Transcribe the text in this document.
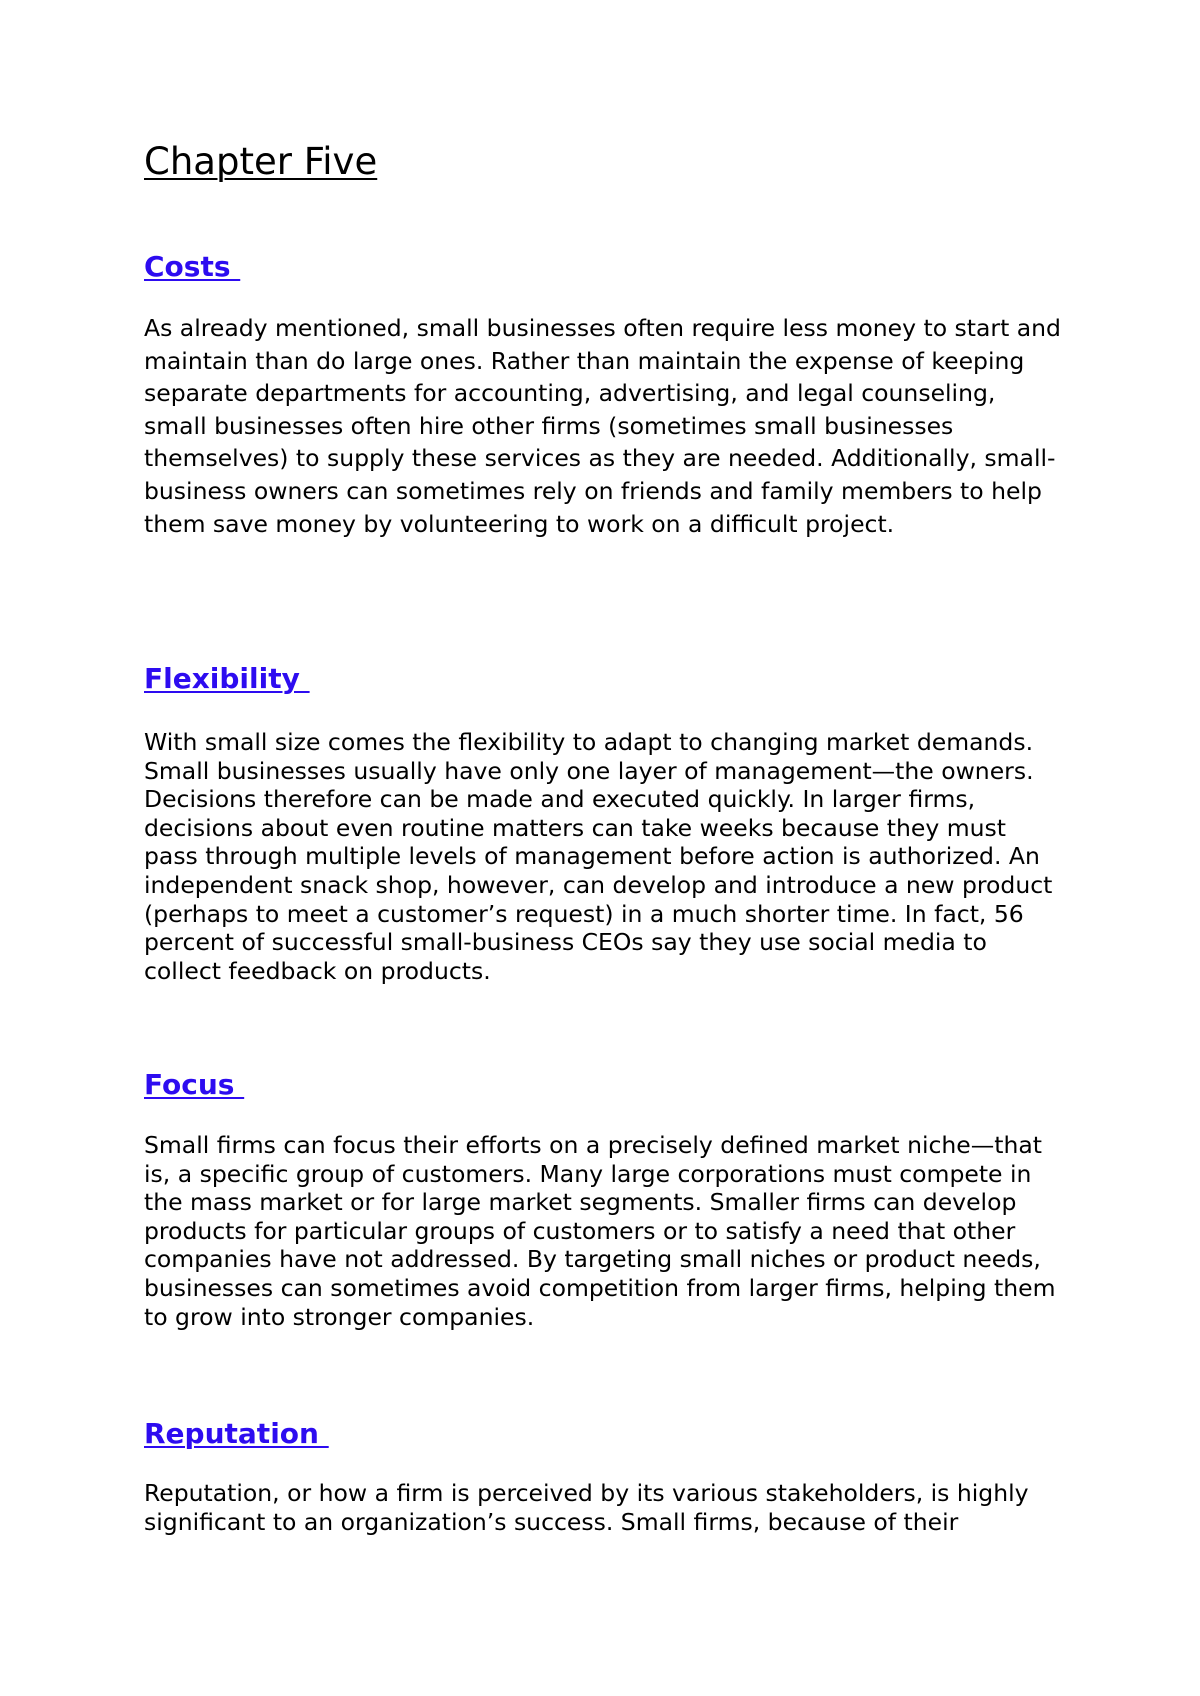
Chapter Five
Costs

As already mentioned, small businesses often require less money to start and maintain than do large ones. Rather than maintain the expense of keeping separate departments for accounting, advertising, and legal counseling, small businesses often hire other firms (sometimes small businesses themselves) to supply these services as they are needed. Additionally, small-business owners can sometimes rely on friends and family members to help them save money by volunteering to work on a difficult project.

Flexibility

With small size comes the flexibility to adapt to changing market demands. Small businesses usually have only one layer of management—the owners. Decisions therefore can be made and executed quickly. In larger firms, decisions about even routine matters can take weeks because they must pass through multiple levels of management before action is authorized. An independent snack shop, however, can develop and introduce a new product (perhaps to meet a customer’s request) in a much shorter time. In fact, 56 percent of successful small-business CEOs say they use social media to collect feedback on products.

Focus

Small firms can focus their efforts on a precisely defined market niche—that is, a specific group of customers. Many large corporations must compete in the mass market or for large market segments. Smaller firms can develop products for particular groups of customers or to satisfy a need that other companies have not addressed. By targeting small niches or product needs, businesses can sometimes avoid competition from larger firms, helping them to grow into stronger companies.

Reputation

Reputation, or how a firm is perceived by its various stakeholders, is highly significant to an organization’s success. Small firms, because of their
